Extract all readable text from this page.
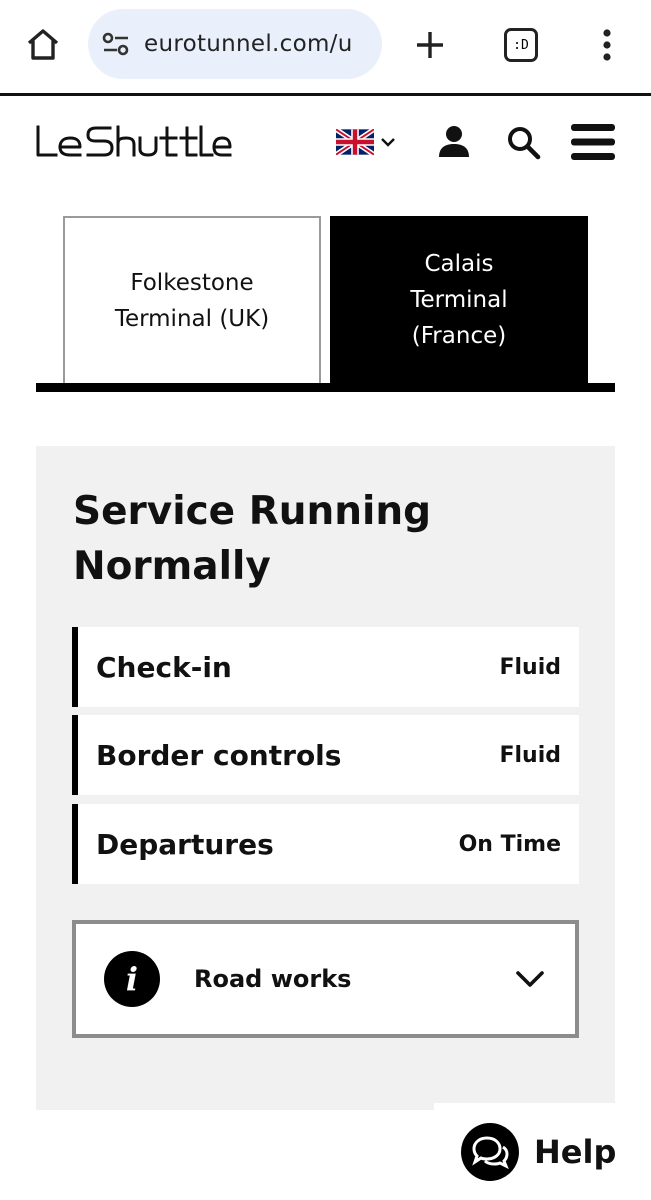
eurotunnel.com/u	:D
Folkestone Terminal (UK)
Calais Terminal (France)
Service Running Normally
Check-in	Fluid
Border controls	Fluid
Departures	On Time
i	Road works
Help
